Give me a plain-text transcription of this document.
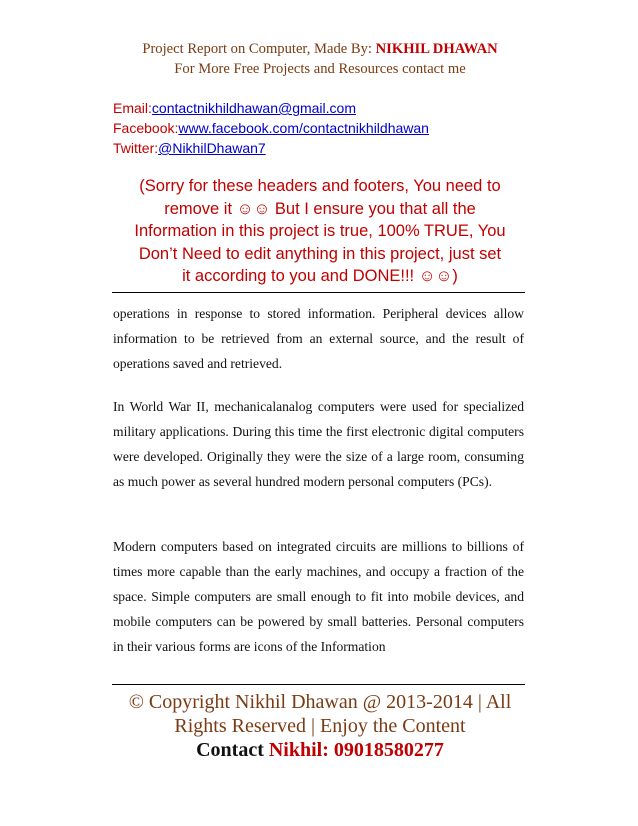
Project Report on Computer, Made By: NIKHIL DHAWAN
For More Free Projects and Resources contact me
Email:contactnikhildhawan@gmail.com
Facebook:www.facebook.com/contactnikhildhawan
Twitter:@NikhilDhawan7
(Sorry for these headers and footers, You need to
remove it ☺☺ But I ensure you that all the
Information in this project is true, 100% TRUE, You
Don’t Need to edit anything in this project, just set
it according to you and DONE!!! ☺☺)

operations in response to stored information. Peripheral devices allow information to be retrieved from an external source, and the result of operations saved and retrieved.

In World War II, mechanicalanalog computers were used for specialized military applications. During this time the first electronic digital computers were developed. Originally they were the size of a large room, consuming as much power as several hundred modern personal computers (PCs).

Modern computers based on integrated circuits are millions to billions of times more capable than the early machines, and occupy a fraction of the space. Simple computers are small enough to fit into mobile devices, and mobile computers can be powered by small batteries. Personal computers in their various forms are icons of the Information

© Copyright Nikhil Dhawan @ 2013-2014 | All
Rights Reserved | Enjoy the Content
Contact Nikhil: 09018580277
